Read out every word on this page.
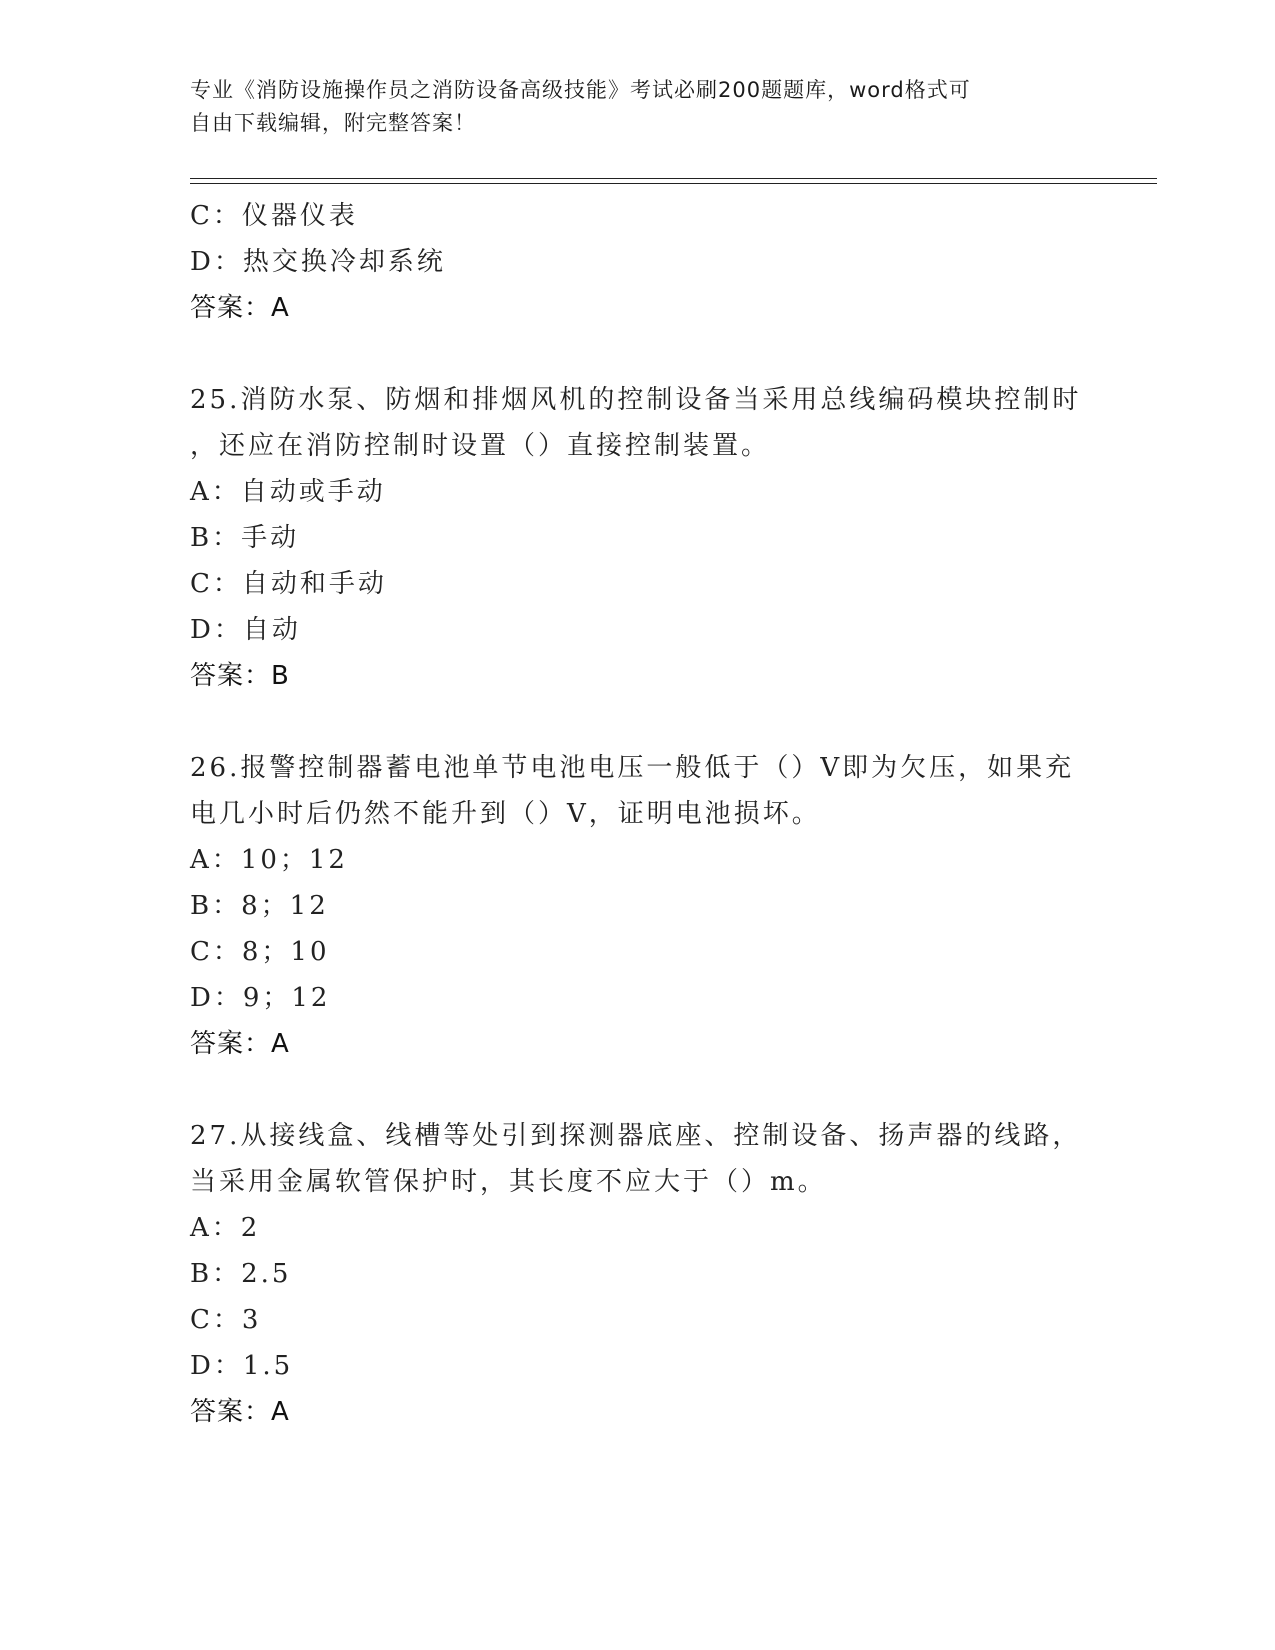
专业《消防设施操作员之消防设备高级技能》考试必刷200题题库，word格式可
自由下载编辑，附完整答案！
C：仪器仪表
D：热交换冷却系统
答案：A
25.消防水泵、防烟和排烟风机的控制设备当采用总线编码模块控制时
，还应在消防控制时设置（）直接控制装置。
A：自动或手动
B：手动
C：自动和手动
D：自动
答案：B
26.报警控制器蓄电池单节电池电压一般低于（）V即为欠压，如果充
电几小时后仍然不能升到（）V，证明电池损坏。
A：10；12
B：8；12
C：8；10
D：9；12
答案：A
27.从接线盒、线槽等处引到探测器底座、控制设备、扬声器的线路，
当采用金属软管保护时，其长度不应大于（）m。
A：2
B：2.5
C：3
D：1.5
答案：A
